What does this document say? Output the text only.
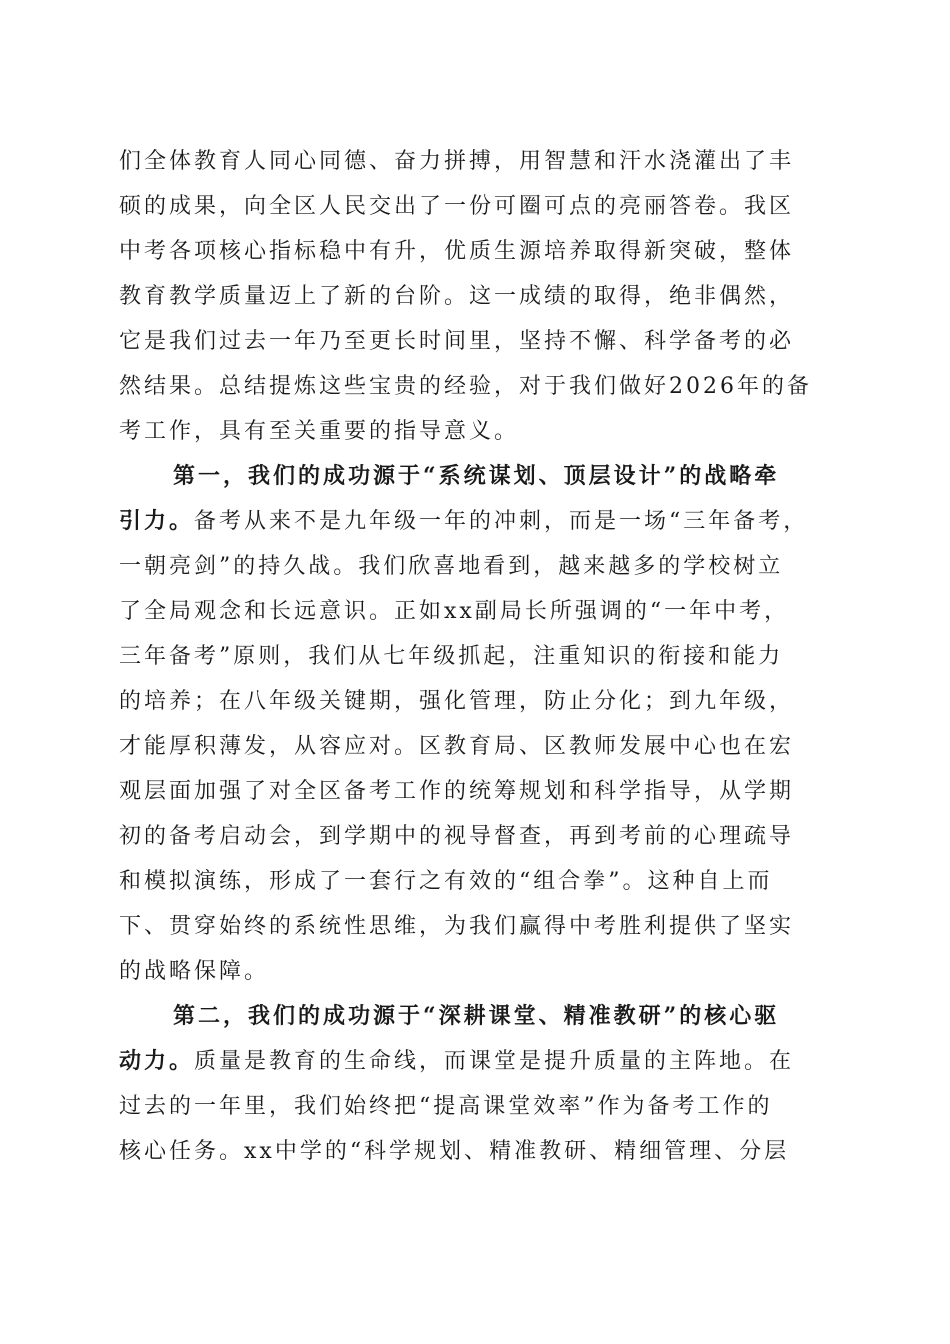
们全体教育人同心同德、奋力拼搏，用智慧和汗水浇灌出了丰
硕的成果，向全区人民交出了一份可圈可点的亮丽答卷。我区
中考各项核心指标稳中有升，优质生源培养取得新突破，整体
教育教学质量迈上了新的台阶。这一成绩的取得，绝非偶然，
它是我们过去一年乃至更长时间里，坚持不懈、科学备考的必
然结果。总结提炼这些宝贵的经验，对于我们做好2026年的备
考工作，具有至关重要的指导意义。
第一，我们的成功源于“系统谋划、顶层设计”的战略牵
引力。备考从来不是九年级一年的冲刺，而是一场“三年备考，
一朝亮剑”的持久战。我们欣喜地看到，越来越多的学校树立
了全局观念和长远意识。正如xx副局长所强调的“一年中考，
三年备考”原则，我们从七年级抓起，注重知识的衔接和能力
的培养；在八年级关键期，强化管理，防止分化；到九年级，
才能厚积薄发，从容应对。区教育局、区教师发展中心也在宏
观层面加强了对全区备考工作的统筹规划和科学指导，从学期
初的备考启动会，到学期中的视导督查，再到考前的心理疏导
和模拟演练，形成了一套行之有效的“组合拳”。这种自上而
下、贯穿始终的系统性思维，为我们赢得中考胜利提供了坚实
的战略保障。
第二，我们的成功源于“深耕课堂、精准教研”的核心驱
动力。质量是教育的生命线，而课堂是提升质量的主阵地。在
过去的一年里，我们始终把“提高课堂效率”作为备考工作的
核心任务。xx中学的“科学规划、精准教研、精细管理、分层
